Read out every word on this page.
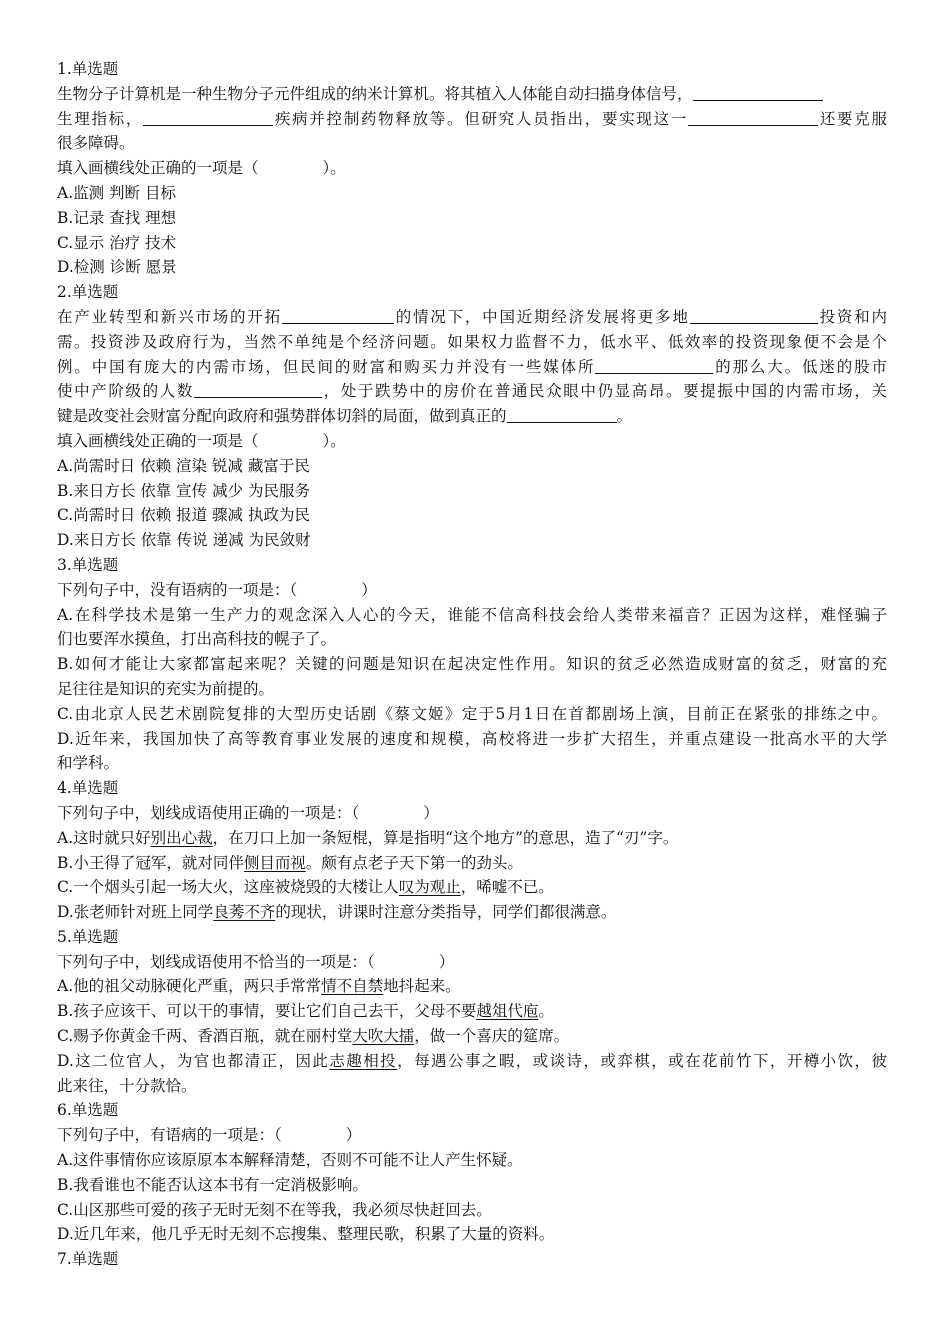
1.单选题
生物分子计算机是一种生物分子元件组成的纳米计算机。将其植入人体能自动扫描身体信号，
生理指标，	疾病并控制药物释放等。但研究人员指出，要实现这一	还要克服
很多障碍。
填入画横线处正确的一项是（	）。
A.监测 判断 目标
B.记录 查找 理想
C.显示 治疗 技术
D.检测 诊断 愿景
2.单选题
在产业转型和新兴市场的开拓	的情况下，中国近期经济发展将更多地	投资和内
需。投资涉及政府行为，当然不单纯是个经济问题。如果权力监督不力，低水平、低效率的投资现象便不会是个
例。中国有庞大的内需市场，但民间的财富和购买力并没有一些媒体所	的那么大。低迷的股市
使中产阶级的人数	，处于跌势中的房价在普通民众眼中仍显高昂。要提振中国的内需市场，关
键是改变社会财富分配向政府和强势群体切斜的局面，做到真正的	。
填入画横线处正确的一项是（	）。
A.尚需时日 依赖 渲染 锐减 藏富于民
B.来日方长 依靠 宣传 减少 为民服务
C.尚需时日 依赖 报道 骤减 执政为民
D.来日方长 依靠 传说 递减 为民敛财
3.单选题
下列句子中，没有语病的一项是：（	）
A.在科学技术是第一生产力的观念深入人心的今天，谁能不信高科技会给人类带来福音？正因为这样，难怪骗子
们也要浑水摸鱼，打出高科技的幌子了。
B.如何才能让大家都富起来呢？关键的问题是知识在起决定性作用。知识的贫乏必然造成财富的贫乏，财富的充
足往往是知识的充实为前提的。
C.由北京人民艺术剧院复排的大型历史话剧《蔡文姬》定于5月1日在首都剧场上演，目前正在紧张的排练之中。
D.近年来，我国加快了高等教育事业发展的速度和规模，高校将进一步扩大招生，并重点建设一批高水平的大学
和学科。
4.单选题
下列句子中，划线成语使用正确的一项是：（	）
A.这时就只好别出心裁，在刀口上加一条短棍，算是指明“这个地方”的意思，造了“刃”字。
B.小王得了冠军，就对同伴侧目而视。颇有点老子天下第一的劲头。
C.一个烟头引起一场大火，这座被烧毁的大楼让人叹为观止，唏嘘不已。
D.张老师针对班上同学良莠不齐的现状，讲课时注意分类指导，同学们都很满意。
5.单选题
下列句子中，划线成语使用不恰当的一项是：（	）
A.他的祖父动脉硬化严重，两只手常常情不自禁地抖起来。
B.孩子应该干、可以干的事情，要让它们自己去干，父母不要越俎代庖。
C.赐予你黄金千两、香酒百瓶，就在丽村堂大吹大擂，做一个喜庆的筵席。
D.这二位官人，为官也都清正，因此志趣相投，每遇公事之暇，或谈诗，或弈棋，或在花前竹下，开樽小饮，彼
此来往，十分款恰。
6.单选题
下列句子中，有语病的一项是：（	）
A.这件事情你应该原原本本解释清楚，否则不可能不让人产生怀疑。
B.我看谁也不能否认这本书有一定消极影响。
C.山区那些可爱的孩子无时无刻不在等我，我必须尽快赶回去。
D.近几年来，他几乎无时无刻不忘搜集、整理民歌，积累了大量的资料。
7.单选题
